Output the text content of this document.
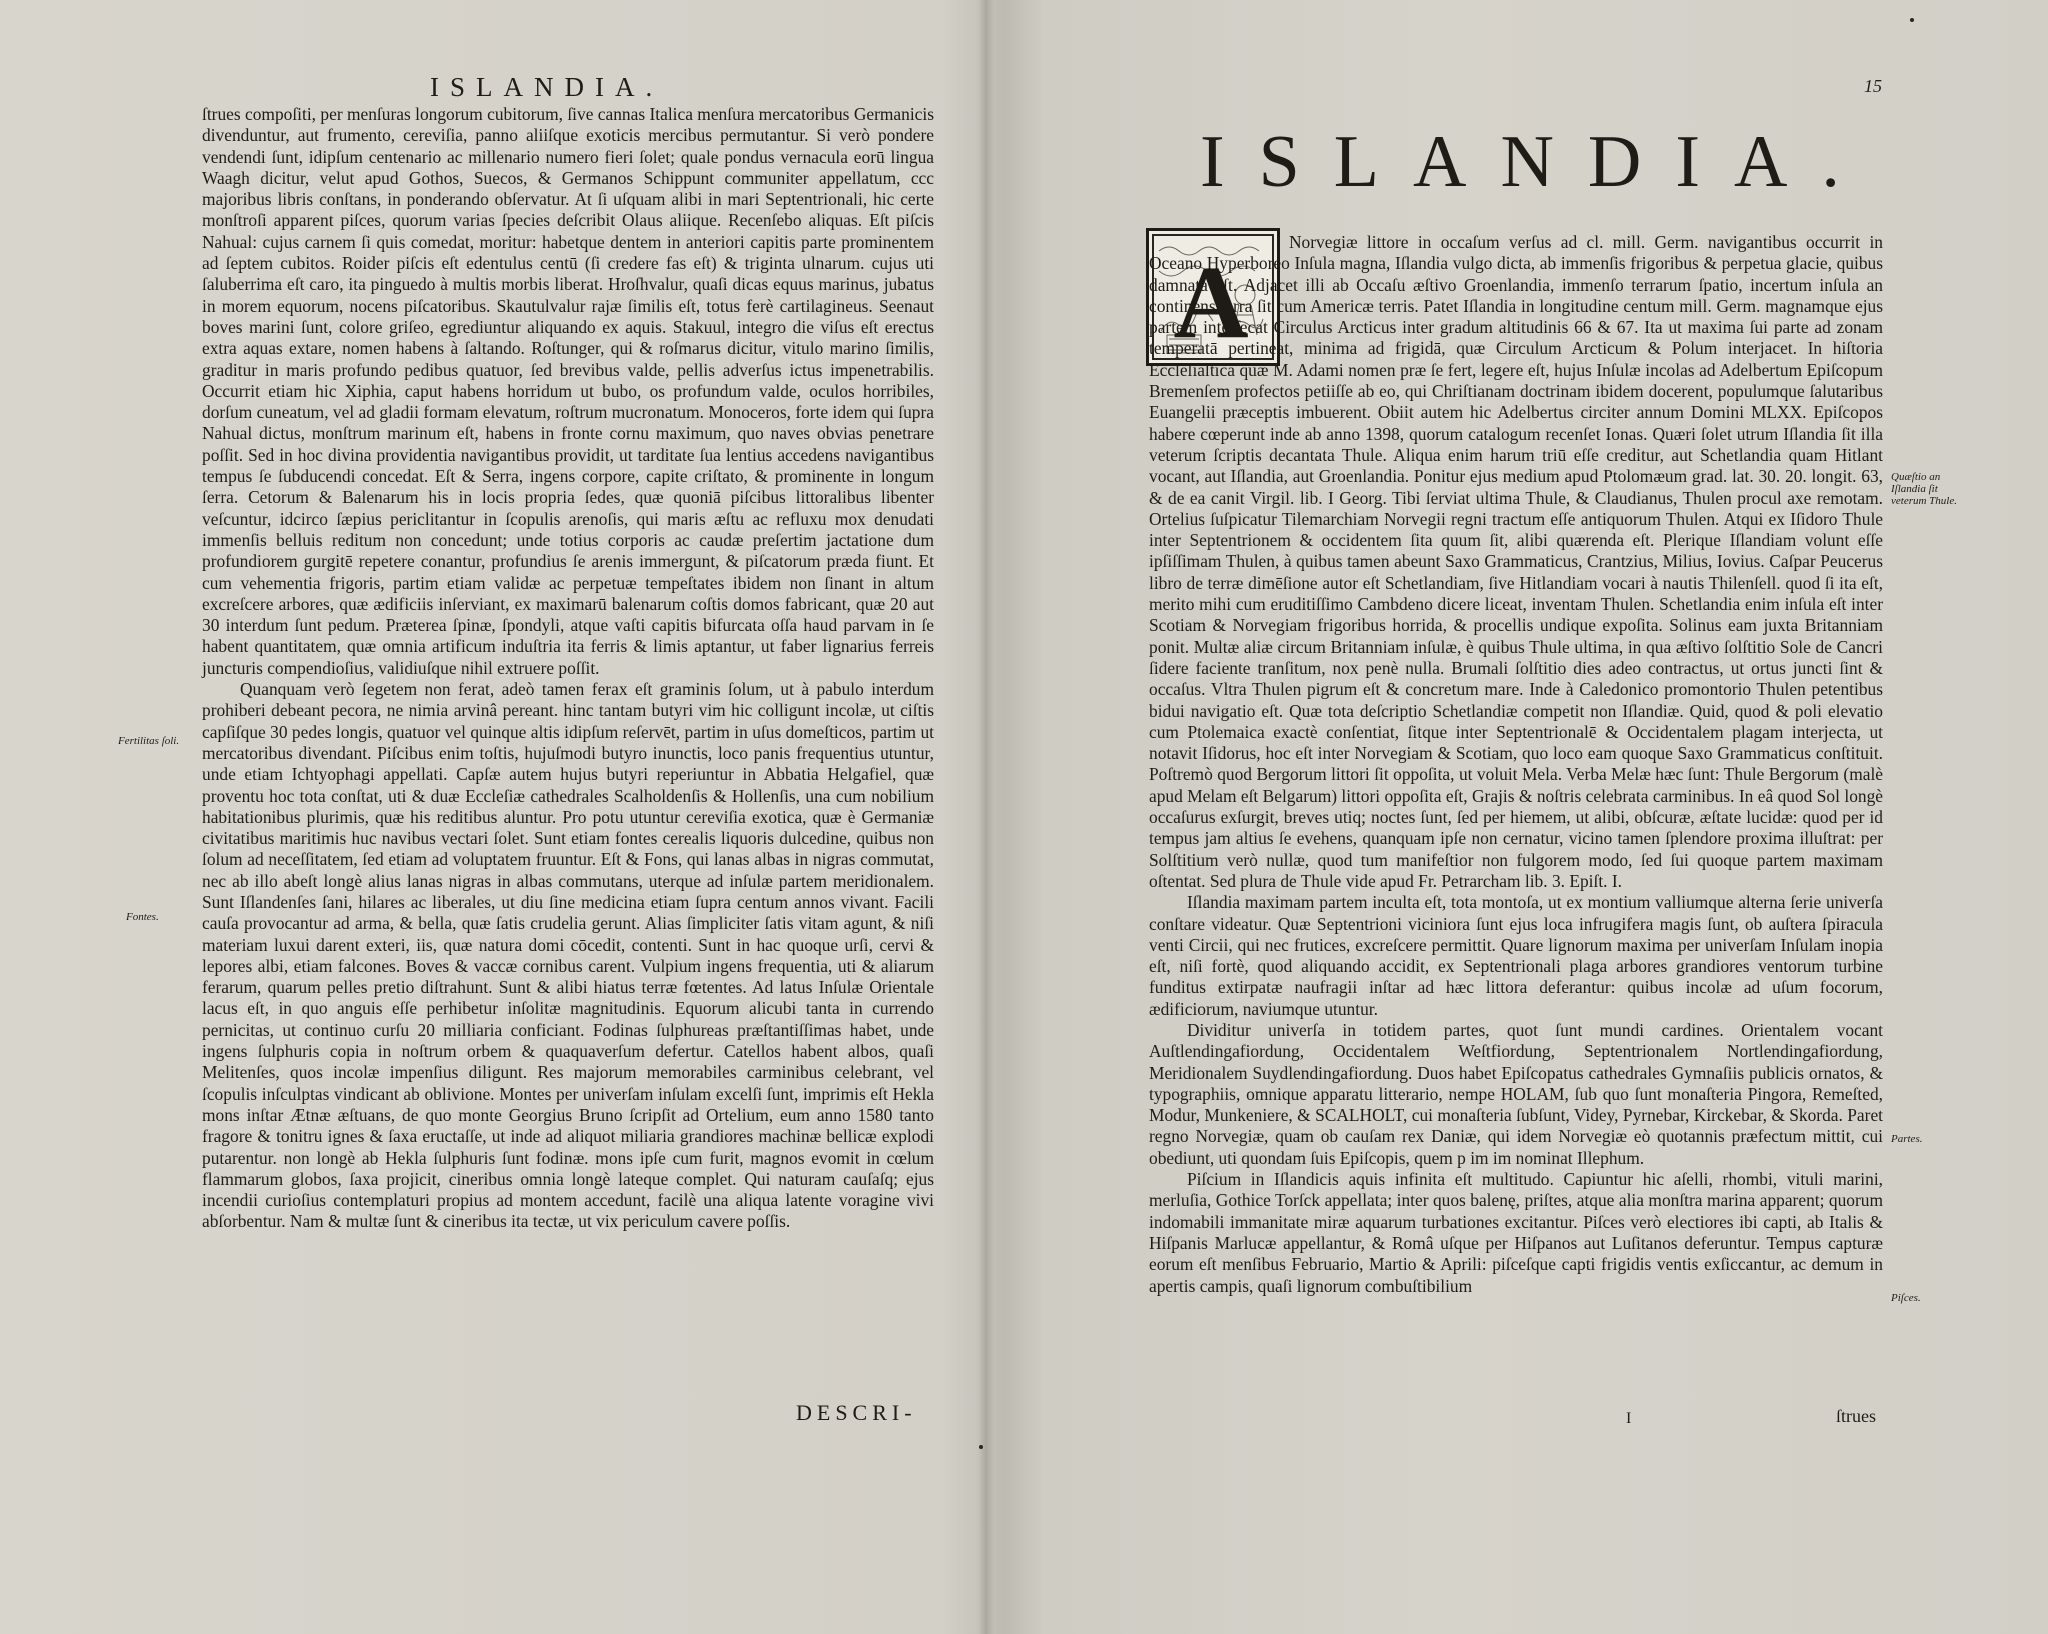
ISLANDIA.

ſtrues compoſiti, per menſuras longorum cubitorum, ſive cannas Italica menſura mercatoribus Germanicis divenduntur, aut frumento, cereviſia, panno aliiſque exoticis mercibus permutantur. Si verò pondere vendendi ſunt, idipſum centenario ac millenario numero fieri ſolet; quale pondus vernacula eorū lingua Waagh dicitur, velut apud Gothos, Suecos, & Germanos Schippunt communiter appellatum, ccc majoribus libris conſtans, in ponderando obſervatur. At ſi uſquam alibi in mari Septentrionali, hic certe monſtroſi apparent piſces, quorum varias ſpecies deſcribit Olaus aliique. Recenſebo aliquas. Eſt piſcis Nahual: cujus carnem ſi quis comedat, moritur: habetque dentem in anteriori capitis parte prominentem ad ſeptem cubitos. Roider piſcis eſt edentulus centū (ſi credere fas eſt) & triginta ulnarum. cujus uti ſaluberrima eſt caro, ita pinguedo à multis morbis liberat. Hroſhvalur, quaſi dicas equus marinus, jubatus in morem equorum, nocens piſcatoribus. Skautulvalur rajæ ſimilis eſt, totus ferè cartilagineus. Seenaut boves marini ſunt, colore griſeo, egrediuntur aliquando ex aquis. Stakuul, integro die viſus eſt erectus extra aquas extare, nomen habens à ſaltando. Roſtunger, qui & roſmarus dicitur, vitulo marino ſimilis, graditur in maris profundo pedibus quatuor, ſed brevibus valde, pellis adverſus ictus impenetrabilis. Occurrit etiam hic Xiphia, caput habens horridum ut bubo, os profundum valde, oculos horribiles, dorſum cuneatum, vel ad gladii formam elevatum, roſtrum mucronatum. Monoceros, forte idem qui ſupra Nahual dictus, monſtrum marinum eſt, habens in fronte cornu maximum, quo naves obvias penetrare poſſit. Sed in hoc divina providentia navigantibus providit, ut tarditate ſua lentius accedens navigantibus tempus ſe ſubducendi concedat. Eſt & Serra, ingens corpore, capite criſtato, & prominente in longum ſerra. Cetorum & Balenarum his in locis propria ſedes, quæ quoniā piſcibus littoralibus libenter veſcuntur, idcirco ſæpius periclitantur in ſcopulis arenoſis, qui maris æſtu ac refluxu mox denudati immenſis belluis reditum non concedunt; unde totius corporis ac caudæ preſertim jactatione dum profundiorem gurgitē repetere conantur, profundius ſe arenis immergunt, & piſcatorum præda fiunt. Et cum vehementia frigoris, partim etiam validæ ac perpetuæ tempeſtates ibidem non ſinant in altum excreſcere arbores, quæ ædificiis inſerviant, ex maximarū balenarum coſtis domos fabricant, quæ 20 aut 30 interdum ſunt pedum. Præterea ſpinæ, ſpondyli, atque vaſti capitis bifurcata oſſa haud parvam in ſe habent quantitatem, quæ omnia artificum induſtria ita ferris & limis aptantur, ut faber lignarius ferreis juncturis compendioſius, validiuſque nihil extruere poſſit.

Quanquam verò ſegetem non ferat, adeò tamen ferax eſt graminis ſolum, ut à pabulo interdum prohiberi debeant pecora, ne nimia arvinâ pereant. hinc tantam butyri vim hic colligunt incolæ, ut ciſtis capſiſque 30 pedes longis, quatuor vel quinque altis idipſum reſervēt, partim in uſus domeſticos, partim ut mercatoribus divendant. Piſcibus enim toſtis, hujuſmodi butyro inunctis, loco panis frequentius utuntur, unde etiam Ichtyophagi appellati. Capſæ autem hujus butyri reperiuntur in Abbatia Helgafiel, quæ proventu hoc tota conſtat, uti & duæ Eccleſiæ cathedrales Scalholdenſis & Hollenſis, una cum nobilium habitationibus plurimis, quæ his reditibus aluntur. Pro potu utuntur cereviſia exotica, quæ è Germaniæ civitatibus maritimis huc navibus vectari ſolet. Sunt etiam fontes cerealis liquoris dulcedine, quibus non ſolum ad neceſſitatem, ſed etiam ad voluptatem fruuntur. Eſt & Fons, qui lanas albas in nigras commutat, nec ab illo abeſt longè alius lanas nigras in albas commutans, uterque ad inſulæ partem meridionalem. Sunt Iſlandenſes ſani, hilares ac liberales, ut diu ſine medicina etiam ſupra centum annos vivant. Facili cauſa provocantur ad arma, & bella, quæ ſatis crudelia gerunt. Alias ſimpliciter ſatis vitam agunt, & niſi materiam luxui darent exteri, iis, quæ natura domi cōcedit, contenti. Sunt in hac quoque urſi, cervi & lepores albi, etiam falcones. Boves & vaccæ cornibus carent. Vulpium ingens frequentia, uti & aliarum ferarum, quarum pelles pretio diſtrahunt. Sunt & alibi hiatus terræ fœtentes. Ad latus Inſulæ Orientale lacus eſt, in quo anguis eſſe perhibetur inſolitæ magnitudinis. Equorum alicubi tanta in currendo pernicitas, ut continuo curſu 20 milliaria conficiant. Fodinas ſulphureas præſtantiſſimas habet, unde ingens ſulphuris copia in noſtrum orbem & quaquaverſum defertur. Catellos habent albos, quaſi Melitenſes, quos incolæ impenſius diligunt. Res majorum memorabiles carminibus celebrant, vel ſcopulis inſculptas vindicant ab oblivione. Montes per univerſam inſulam excelſi ſunt, imprimis eſt Hekla mons inſtar Ætnæ æſtuans, de quo monte Georgius Bruno ſcripſit ad Ortelium, eum anno 1580 tanto fragore & tonitru ignes & ſaxa eructaſſe, ut inde ad aliquot miliaria grandiores machinæ bellicæ explodi putarentur. non longè ab Hekla ſulphuris ſunt fodinæ. mons ipſe cum furit, magnos evomit in cœlum flammarum globos, ſaxa projicit, cineribus omnia longè lateque complet. Qui naturam cauſaſq; ejus incendii curioſius contemplaturi propius ad montem accedunt, facilè una aliqua latente voragine vivi abſorbentur. Nam & multæ ſunt & cineribus ita tectæ, ut vix periculum cavere poſſis.

Fertilitas ſoli.
Fontes.
DESCRI-
15
ISLANDIA.
A

Norvegiæ littore in occaſum verſus ad cl. mill. Germ. navigantibus occurrit in Oceano Hyperboreo Inſula magna, Iſlandia vulgo dicta, ab immenſis frigoribus & perpetua glacie, quibus damnata eſt. Adjacet illi ab Occaſu æſtivo Groenlandia, immenſo terrarum ſpatio, incertum inſula an continens terra ſit cum Americæ terris. Patet Iſlandia in longitudine centum mill. Germ. magnamque ejus partem interſecat Circulus Arcticus inter gradum altitudinis 66 & 67. Ita ut maxima ſui parte ad zonam temperatā pertineat, minima ad frigidā, quæ Circulum Arcticum & Polum interjacet. In hiſtoria Eccleſiaſtica quæ M. Adami nomen præ ſe fert, legere eſt, hujus Inſulæ incolas ad Adelbertum Epiſcopum Bremenſem profectos petiiſſe ab eo, qui Chriſtianam doctrinam ibidem docerent, populumque ſalutaribus Euangelii præceptis imbuerent. Obiit autem hic Adelbertus circiter annum Domini MLXX. Epiſcopos habere cœperunt inde ab anno 1398, quorum catalogum recenſet Ionas. Quæri ſolet utrum Iſlandia ſit illa veterum ſcriptis decantata Thule. Aliqua enim harum triū eſſe creditur, aut Schetlandia quam Hitlant vocant, aut Iſlandia, aut Groenlandia. Ponitur ejus medium apud Ptolomæum grad. lat. 30. 20. longit. 63, & de ea canit Virgil. lib. I Georg. Tibi ſerviat ultima Thule, & Claudianus, Thulen procul axe remotam. Ortelius ſuſpicatur Tilemarchiam Norvegii regni tractum eſſe antiquorum Thulen. Atqui ex Iſidoro Thule inter Septentrionem & occidentem ſita quum ſit, alibi quærenda eſt. Plerique Iſlandiam volunt eſſe ipſiſſimam Thulen, à quibus tamen abeunt Saxo Grammaticus, Crantzius, Milius, Iovius. Caſpar Peucerus libro de terræ dimēſione autor eſt Schetlandiam, ſive Hitlandiam vocari à nautis Thilenſell. quod ſi ita eſt, merito mihi cum eruditiſſimo Cambdeno dicere liceat, inventam Thulen. Schetlandia enim inſula eſt inter Scotiam & Norvegiam frigoribus horrida, & procellis undique expoſita. Solinus eam juxta Britanniam ponit. Multæ aliæ circum Britanniam inſulæ, è quibus Thule ultima, in qua æſtivo ſolſtitio Sole de Cancri ſidere faciente tranſitum, nox penè nulla. Brumali ſolſtitio dies adeo contractus, ut ortus juncti ſint & occaſus. Vltra Thulen pigrum eſt & concretum mare. Inde à Caledonico promontorio Thulen petentibus bidui navigatio eſt. Quæ tota deſcriptio Schetlandiæ competit non Iſlandiæ. Quid, quod & poli elevatio cum Ptolemaica exactè conſentiat, ſitque inter Septentrionalē & Occidentalem plagam interjecta, ut notavit Iſidorus, hoc eſt inter Norvegiam & Scotiam, quo loco eam quoque Saxo Grammaticus conſtituit. Poſtremò quod Bergorum littori ſit oppoſita, ut voluit Mela. Verba Melæ hæc ſunt: Thule Bergorum (malè apud Melam eſt Belgarum) littori oppoſita eſt, Grajis & noſtris celebrata carminibus. In eâ quod Sol longè occaſurus exſurgit, breves utiq; noctes ſunt, ſed per hiemem, ut alibi, obſcuræ, æſtate lucidæ: quod per id tempus jam altius ſe evehens, quanquam ipſe non cernatur, vicino tamen ſplendore proxima illuſtrat: per Solſtitium verò nullæ, quod tum manifeſtior non fulgorem modo, ſed ſui quoque partem maximam oſtentat. Sed plura de Thule vide apud Fr. Petrarcham lib. 3. Epiſt. I.

Iſlandia maximam partem inculta eſt, tota montoſa, ut ex montium valliumque alterna ſerie univerſa conſtare videatur. Quæ Septentrioni viciniora ſunt ejus loca infrugifera magis ſunt, ob auſtera ſpiracula venti Circii, qui nec frutices, excreſcere permittit. Quare lignorum maxima per univerſam Inſulam inopia eſt, niſi fortè, quod aliquando accidit, ex Septentrionali plaga arbores grandiores ventorum turbine funditus extirpatæ naufragii inſtar ad hæc littora deferantur: quibus incolæ ad uſum focorum, ædificiorum, naviumque utuntur.

Dividitur univerſa in totidem partes, quot ſunt mundi cardines. Orientalem vocant Auſtlendingafiordung, Occidentalem Weſtfiordung, Septentrionalem Nortlendingafiordung, Meridionalem Suydlendingafiordung. Duos habet Epiſcopatus cathedrales Gymnaſiis publicis ornatos, & typographiis, omnique apparatu litterario, nempe HOLAM, ſub quo ſunt monaſteria Pingora, Remeſted, Modur, Munkeniere, & SCALHOLT, cui monaſteria ſubſunt, Videy, Pyrnebar, Kirckebar, & Skorda. Paret regno Norvegiæ, quam ob cauſam rex Daniæ, qui idem Norvegiæ eò quotannis præfectum mittit, cui obediunt, uti quondam ſuis Epiſcopis, quem p im im nominat Illephum.

Piſcium in Iſlandicis aquis infinita eſt multitudo. Capiuntur hic aſelli, rhombi, vituli marini, merluſia, Gothice Torſck appellata; inter quos balenę, priſtes, atque alia monſtra marina apparent; quorum indomabili immanitate miræ aquarum turbationes excitantur. Piſces verò electiores ibi capti, ab Italis & Hiſpanis Marlucæ appellantur, & Româ uſque per Hiſpanos aut Luſitanos deferuntur. Tempus capturæ eorum eſt menſibus Februario, Martio & Aprili: piſceſque capti frigidis ventis exſiccantur, ac demum in apertis campis, quaſi lignorum combuſtibilium

Quæſtio an Iſlandia ſit veterum Thule.
Partes.
Piſces.
I	ſtrues
